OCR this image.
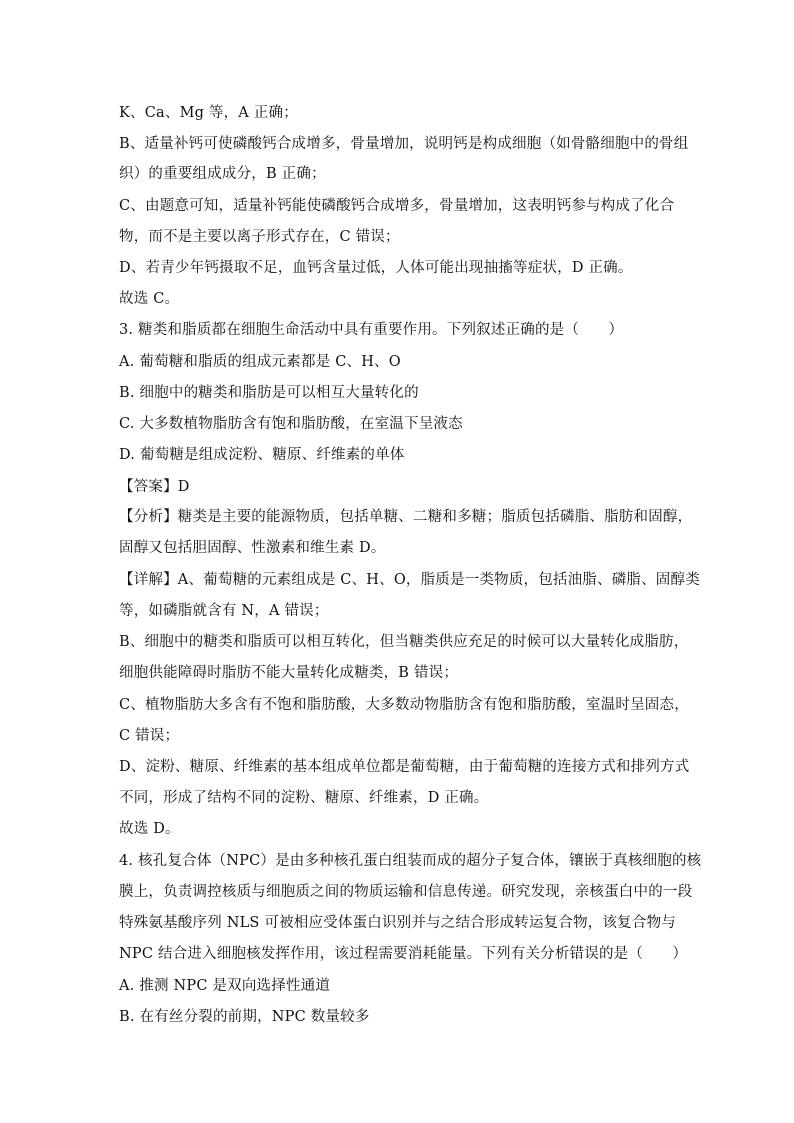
K、Ca、Mg 等，A 正确；
B、适量补钙可使磷酸钙合成增多，骨量增加，说明钙是构成细胞（如骨骼细胞中的骨组
织）的重要组成成分，B 正确；
C、由题意可知，适量补钙能使磷酸钙合成增多，骨量增加，这表明钙参与构成了化合
物，而不是主要以离子形式存在，C 错误；
D、若青少年钙摄取不足，血钙含量过低，人体可能出现抽搐等症状，D 正确。
故选 C。
3. 糖类和脂质都在细胞生命活动中具有重要作用。下列叙述正确的是（　　）
A. 葡萄糖和脂质的组成元素都是 C、H、O
B. 细胞中的糖类和脂肪是可以相互大量转化的
C. 大多数植物脂肪含有饱和脂肪酸，在室温下呈液态
D. 葡萄糖是组成淀粉、糖原、纤维素的单体
【答案】D
【分析】糖类是主要的能源物质，包括单糖、二糖和多糖；脂质包括磷脂、脂肪和固醇，
固醇又包括胆固醇、性激素和维生素 D。
【详解】A、葡萄糖的元素组成是 C、H、O，脂质是一类物质，包括油脂、磷脂、固醇类
等，如磷脂就含有 N，A 错误；
B、细胞中的糖类和脂质可以相互转化，但当糖类供应充足的时候可以大量转化成脂肪，
细胞供能障碍时脂肪不能大量转化成糖类，B 错误；
C、植物脂肪大多含有不饱和脂肪酸，大多数动物脂肪含有饱和脂肪酸，室温时呈固态，
C 错误；
D、淀粉、糖原、纤维素的基本组成单位都是葡萄糖，由于葡萄糖的连接方式和排列方式
不同，形成了结构不同的淀粉、糖原、纤维素，D 正确。
故选 D。
4. 核孔复合体（NPC）是由多种核孔蛋白组装而成的超分子复合体，镶嵌于真核细胞的核
膜上，负责调控核质与细胞质之间的物质运输和信息传递。研究发现，亲核蛋白中的一段
特殊氨基酸序列 NLS 可被相应受体蛋白识别并与之结合形成转运复合物，该复合物与
NPC 结合进入细胞核发挥作用，该过程需要消耗能量。下列有关分析错误的是（　　）
A. 推测 NPC 是双向选择性通道
B. 在有丝分裂的前期，NPC 数量较多
